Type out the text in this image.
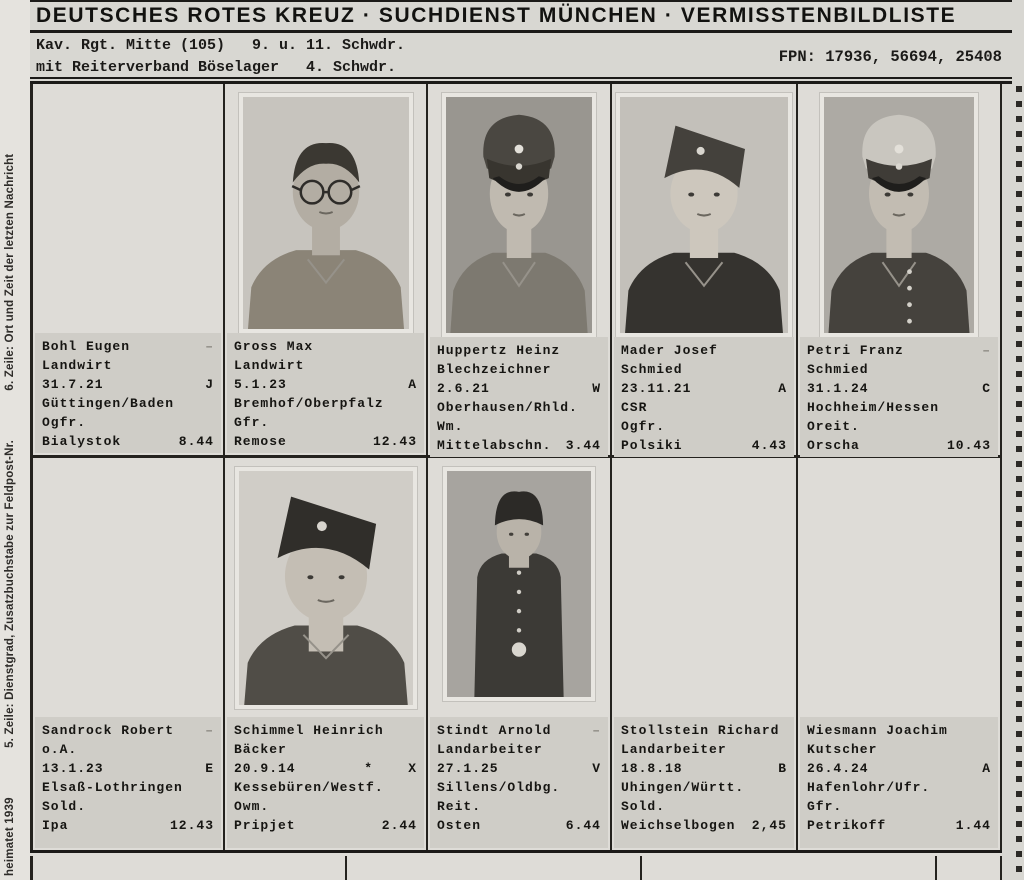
heimatet 1939 5. Zeile: Dienstgrad, Zusatzbuchstabe zur Feldpost-Nr. 6. Zeile: Ort und Zeit der letzten Nachricht
DEUTSCHES ROTES KREUZ · SUCHDIENST MÜNCHEN · VERMISSTENBILDLISTE
Kav. Rgt. Mitte (105)   9. u. 11. Schwdr.
mit Reiterverband Böselager   4. Schwdr.
FPN: 17936, 56694, 25408
–
Bohl Eugen
Landwirt
31.7.21	J
Güttingen/Baden
Ogfr.
Bialystok	8.44
Gross Max
Landwirt
5.1.23	A
Bremhof/Oberpfalz
Gfr.
Remose	12.43
Huppertz Heinz
Blechzeichner
2.6.21	W
Oberhausen/Rhld.
Wm.
Mittelabschn. 3.44
Mader Josef
Schmied
23.11.21	A
CSR
Ogfr.
Polsiki	4.43
–
Petri Franz
Schmied
31.1.24	C
Hochheim/Hessen
Oreit.
Orscha	10.43
–
Sandrock Robert
o.A.
13.1.23	E
Elsaß-Lothringen
Sold.
Ipa	12.43
Schimmel Heinrich
Bäcker
20.9.14	*    X
Kessebüren/Westf.
Owm.
Pripjet	2.44
–
Stindt Arnold
Landarbeiter
27.1.25	V
Sillens/Oldbg.
Reit.
Osten	6.44
Stollstein Richard
Landarbeiter
18.8.18	B
Uhingen/Württ.
Sold.
Weichselbogen 2,45
Wiesmann Joachim
Kutscher
26.4.24	A
Hafenlohr/Ufr.
Gfr.
Petrikoff	1.44
